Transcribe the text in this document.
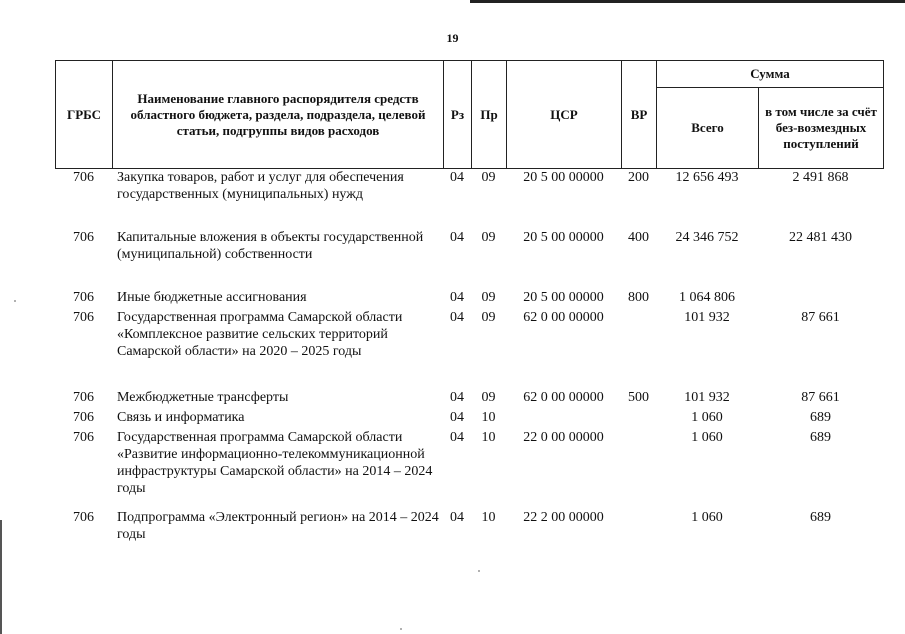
19
ГРБС	Наименование главного распорядителя средств областного бюджета, раздела, подраздела, целевой статьи, подгруппы видов расходов	Рз	Пр	ЦСР	ВР	Сумма	
						Всего	в том числе за счёт без-возмездных поступлений
706	Закупка товаров, работ и услуг для обеспечения государственных (муниципальных) нужд	04	09	20 5 00 00000	200	12 656 493	2 491 868
706	Капитальные вложения в объекты государственной (муниципальной) собственности	04	09	20 5 00 00000	400	24 346 752	22 481 430
706	Иные бюджетные ассигнования	04	09	20 5 00 00000	800	1 064 806	
706	Государственная программа Самарской области «Комплексное развитие сельских территорий Самарской области» на 2020 – 2025 годы	04	09	62 0 00 00000		101 932	87 661
706	Межбюджетные трансферты	04	09	62 0 00 00000	500	101 932	87 661
706	Связь и информатика	04	10			1 060	689
706	Государственная программа Самарской области «Развитие информационно-телекоммуникационной инфраструктуры Самарской области» на 2014 – 2024 годы	04	10	22 0 00 00000		1 060	689
706	Подпрограмма «Электронный регион» на 2014 – 2024 годы	04	10	22 2 00 00000		1 060	689
